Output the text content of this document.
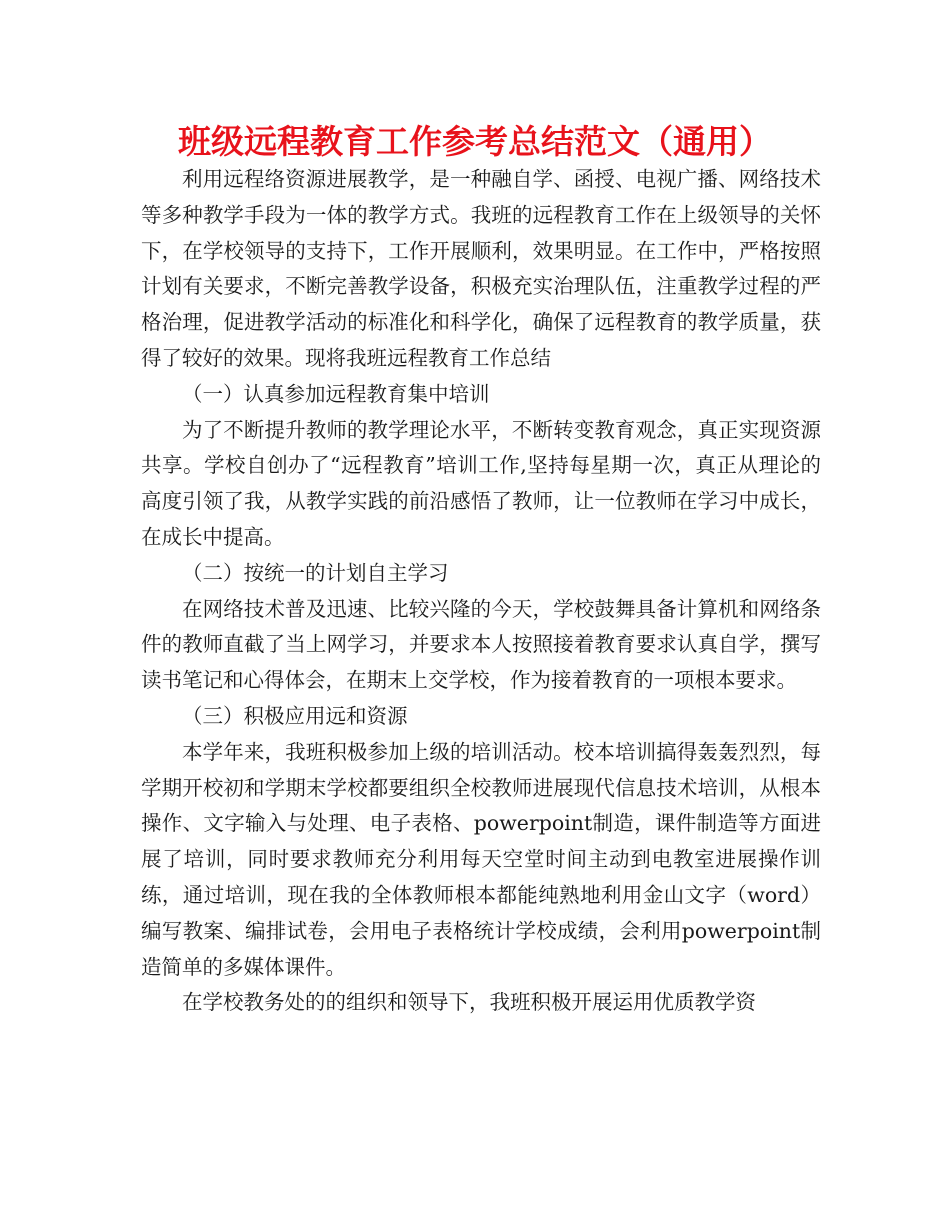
班级远程教育工作参考总结范文（通用）

利用远程络资源进展教学，是一种融自学、函授、电视广播、网络技术等多种教学手段为一体的教学方式。我班的远程教育工作在上级领导的关怀下，在学校领导的支持下，工作开展顺利，效果明显。在工作中，严格按照计划有关要求，不断完善教学设备，积极充实治理队伍，注重教学过程的严格治理，促进教学活动的标准化和科学化，确保了远程教育的教学质量，获得了较好的效果。现将我班远程教育工作总结

（一）认真参加远程教育集中培训

为了不断提升教师的教学理论水平，不断转变教育观念，真正实现资源共享。学校自创办了“远程教育”培训工作,坚持每星期一次，真正从理论的高度引领了我，从教学实践的前沿感悟了教师，让一位教师在学习中成长，在成长中提高。

（二）按统一的计划自主学习

在网络技术普及迅速、比较兴隆的今天，学校鼓舞具备计算机和网络条件的教师直截了当上网学习，并要求本人按照接着教育要求认真自学，撰写读书笔记和心得体会，在期末上交学校，作为接着教育的一项根本要求。

（三）积极应用远和资源

本学年来，我班积极参加上级的培训活动。校本培训搞得轰轰烈烈，每学期开校初和学期末学校都要组织全校教师进展现代信息技术培训，从根本操作、文字输入与处理、电子表格、powerpoint制造，课件制造等方面进展了培训，同时要求教师充分利用每天空堂时间主动到电教室进展操作训练，通过培训，现在我的全体教师根本都能纯熟地利用金山文字（word）编写教案、编排试卷，会用电子表格统计学校成绩，会利用powerpoint制造简单的多媒体课件。

在学校教务处的的组织和领导下，我班积极开展运用优质教学资
